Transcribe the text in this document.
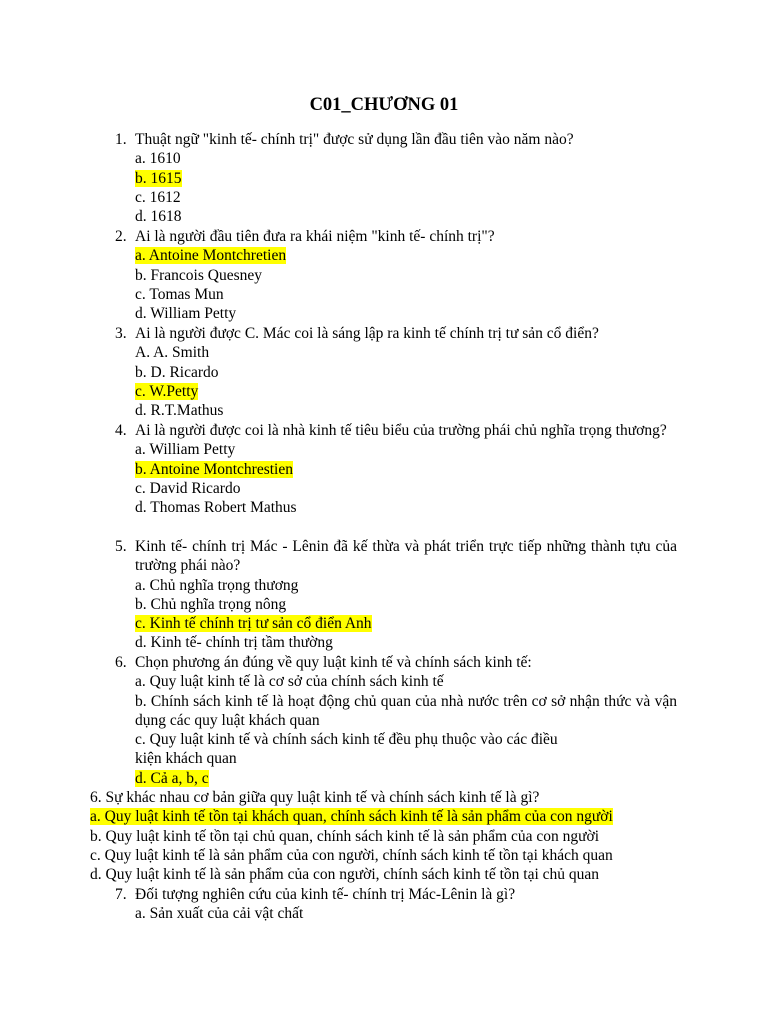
C01_CHƯƠNG 01
1. Thuật ngữ "kinh tế- chính trị" được sử dụng lần đầu tiên vào năm nào?
a. 1610
b. 1615
c. 1612
d. 1618
2. Ai là người đầu tiên đưa ra khái niệm "kinh tế- chính trị"?
a. Antoine Montchretien
b. Francois Quesney
c. Tomas Mun
d. William Petty
3. Ai là người được C. Mác coi là sáng lập ra kinh tế chính trị tư sản cổ điển?
A. A. Smith
b. D. Ricardo
c. W.Petty
d. R.T.Mathus
4. Ai là người được coi là nhà kinh tế tiêu biểu của trường phái chủ nghĩa trọng thương?
a. William Petty
b. Antoine Montchrestien
c. David Ricardo
d. Thomas Robert Mathus
5. Kinh tế- chính trị Mác - Lênin đã kế thừa và phát triển trực tiếp những thành tựu của trường phái nào?
a. Chủ nghĩa trọng thương
b. Chủ nghĩa trọng nông
c. Kinh tế chính trị tư sản cổ điển Anh
d. Kinh tế- chính trị tầm thường
6. Chọn phương án đúng về quy luật kinh tế và chính sách kinh tế:
a. Quy luật kinh tế là cơ sở của chính sách kinh tế
b. Chính sách kinh tế là hoạt động chủ quan của nhà nước trên cơ sở nhận thức và vận dụng các quy luật khách quan
c. Quy luật kinh tế và chính sách kinh tế đều phụ thuộc vào các điều
kiện khách quan
d. Cả a, b, c
6. Sự khác nhau cơ bản giữa quy luật kinh tế và chính sách kinh tế là gì?
a. Quy luật kinh tế tồn tại khách quan, chính sách kinh tế là sản phẩm của con người
b. Quy luật kinh tế tồn tại chủ quan, chính sách kinh tế là sản phẩm của con người
c. Quy luật kinh tế là sản phẩm của con người, chính sách kinh tế tồn tại khách quan
d. Quy luật kinh tế là sản phẩm của con người, chính sách kinh tế tồn tại chủ quan
7. Đối tượng nghiên cứu của kinh tế- chính trị Mác-Lênin là gì?
a. Sản xuất của cải vật chất
